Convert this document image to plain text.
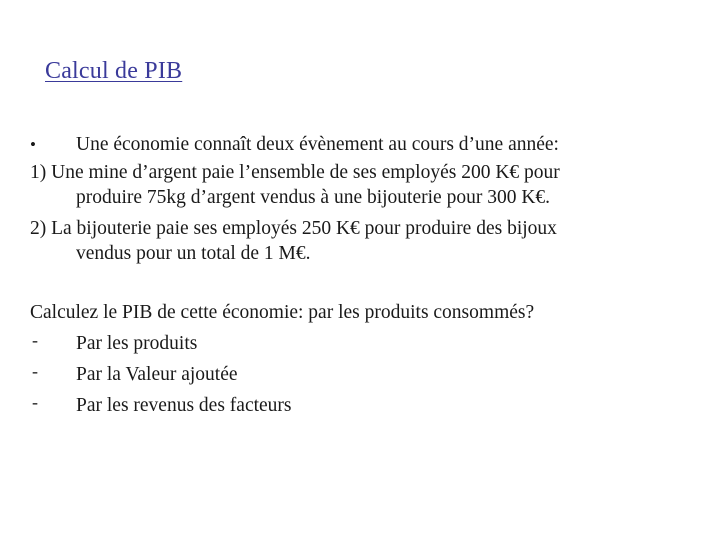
Calcul de PIB
• Une économie connaît deux évènement au cours d’une année:
1) Une mine d’argent paie l’ensemble de ses employés 200 K€ pour
produire 75kg d’argent vendus à une bijouterie pour 300 K€.
2) La bijouterie paie ses employés 250 K€ pour produire des bijoux
vendus pour un total de 1 M€.
Calculez le PIB de cette économie: par les produits consommés?
- Par les produits
- Par la Valeur ajoutée
- Par les revenus des facteurs
